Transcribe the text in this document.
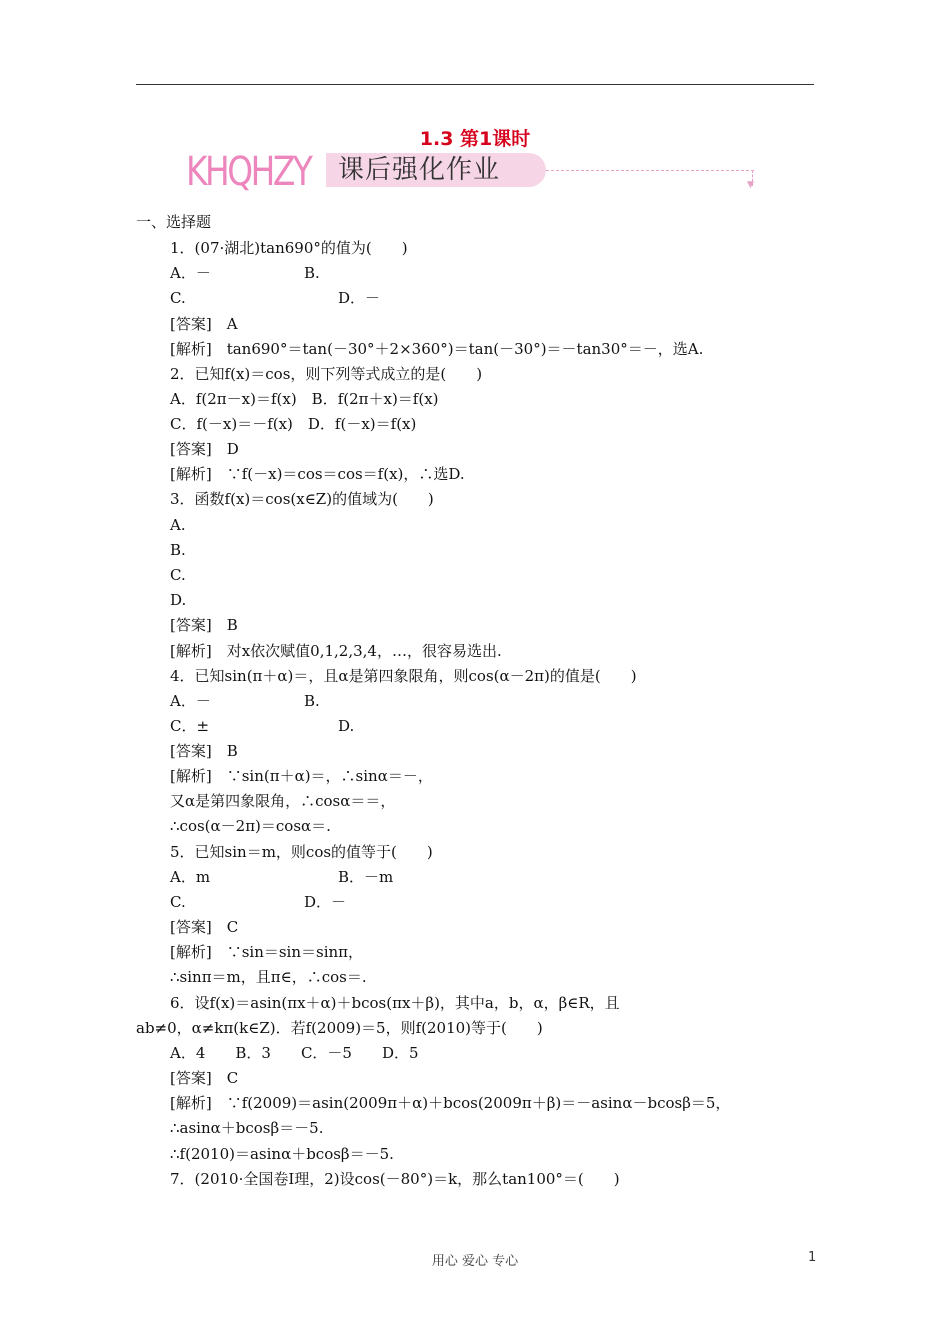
1.3 第1课时
KHQHZY	课后强化作业	▼
一、选择题
1．(07·湖北)tan690°的值为(　　)
A．－	B.
C.	D．－
[答案]　A
[解析]　tan690°＝tan(－30°＋2×360°)＝tan(－30°)＝－tan30°＝－，选A.
2．已知f(x)＝cos，则下列等式成立的是(　　)
A．f(2π－x)＝f(x)　B．f(2π＋x)＝f(x)
C．f(－x)＝－f(x)　D．f(－x)＝f(x)
[答案]　D
[解析]　∵f(－x)＝cos＝cos＝f(x)，∴选D.
3．函数f(x)＝cos(x∈Z)的值域为(　　)
A.
B.
C.
D.
[答案]　B
[解析]　对x依次赋值0,1,2,3,4，…，很容易选出.
4．已知sin(π＋α)＝，且α是第四象限角，则cos(α－2π)的值是(　　)
A．－	B.
C．±	D.
[答案]　B
[解析]　∵sin(π＋α)＝，∴sinα＝－，
又α是第四象限角，∴cosα＝＝，
∴cos(α－2π)＝cosα＝.
5．已知sin＝m，则cos的值等于(　　)
A．m	B．－m
C.	D．－
[答案]　C
[解析]　∵sin＝sin＝sinπ，
∴sinπ＝m，且π∈，∴cos＝.
6．设f(x)＝asin(πx＋α)＋bcos(πx＋β)，其中a，b，α，β∈R，且
ab≠0，α≠kπ(k∈Z)．若f(2009)＝5，则f(2010)等于(　　)
A．4　　B．3　　C．－5　　D．5
[答案]　C
[解析]　∵f(2009)＝asin(2009π＋α)＋bcos(2009π＋β)＝－asinα－bcosβ＝5，
∴asinα＋bcosβ＝－5.
∴f(2010)＝asinα＋bcosβ＝－5.
7．(2010·全国卷Ⅰ理，2)设cos(－80°)＝k，那么tan100°＝(　　)
用心 爱心 专心	1
